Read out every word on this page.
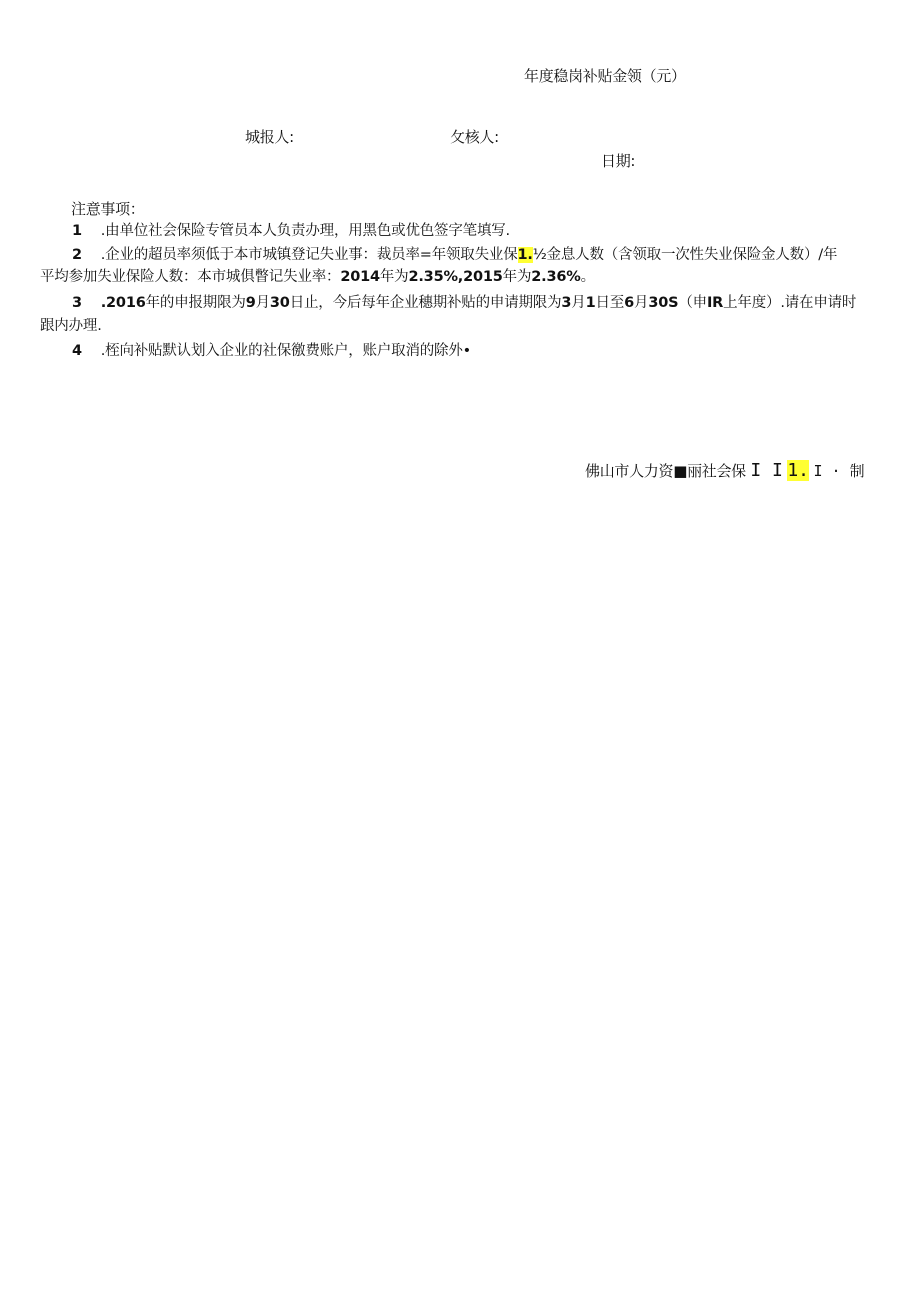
年度稳岗补贴金领（元）
城报人:	攵核人:
日期:
注意事项：
1 .由单位社会保险专管员本人负责办理，用黑色或优色签字笔填写.
2 .企业的超员率须低于本市城镇登记失业事：裁员率=年领取失业保1.½金息人数（含领取一次性失业保险金人数）/年
平均参加失业保险人数：本市城俱瞥记失业率：2014年为2.35%,2015年为2.36%。
3 .2016年的申报期限为9月30日止，今后每年企业穗期补贴的申请期限为3月1日至6月30S（申IR上年度）.请在申请时
跟内办理.
4 .桎向补贴默认划入企业的社保徼费账户，账户取消的除外•
佛山市人力资■丽社会保 I I 1. I · 制
